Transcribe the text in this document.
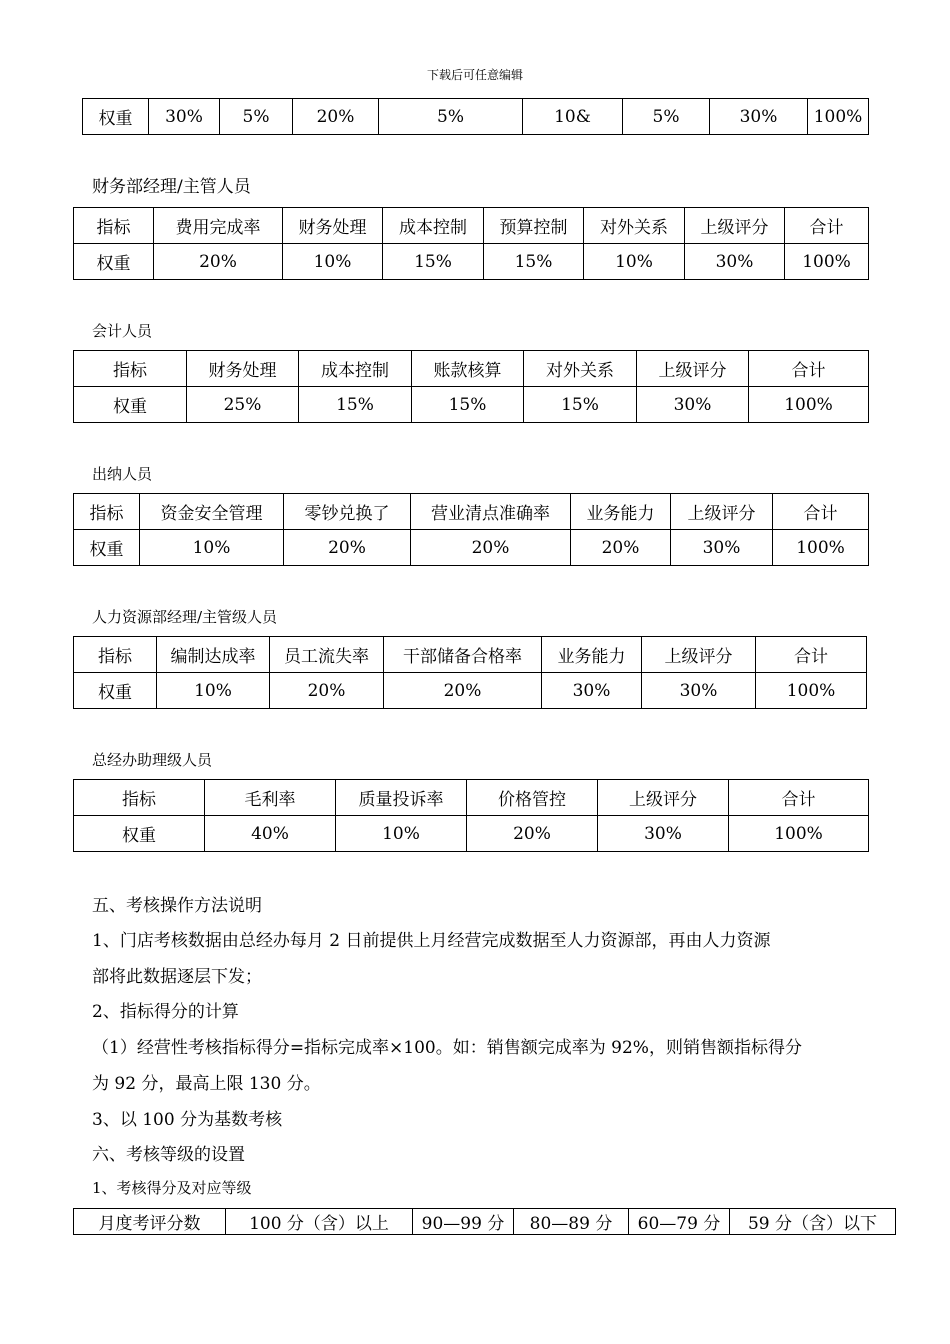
下载后可任意编辑
权重	30%	5%	20%	5%	10&	5%	30%	100%
财务部经理/主管人员
指标	费用完成率	财务处理	成本控制	预算控制	对外关系	上级评分	合计
权重	20%	10%	15%	15%	10%	30%	100%
会计人员
指标	财务处理	成本控制	账款核算	对外关系	上级评分	合计
权重	25%	15%	15%	15%	30%	100%
出纳人员
指标	资金安全管理	零钞兑换了	营业清点准确率	业务能力	上级评分	合计
权重	10%	20%	20%	20%	30%	100%
人力资源部经理/主管级人员
指标	编制达成率	员工流失率	干部储备合格率	业务能力	上级评分	合计
权重	10%	20%	20%	30%	30%	100%
总经办助理级人员
指标	毛利率	质量投诉率	价格管控	上级评分	合计
权重	40%	10%	20%	30%	100%
五、考核操作方法说明
1、门店考核数据由总经办每月 2 日前提供上月经营完成数据至人力资源部，再由人力资源
部将此数据逐层下发；
2、指标得分的计算
（1）经营性考核指标得分=指标完成率×100。如：销售额完成率为 92%，则销售额指标得分
为 92 分，最高上限 130 分。
3、以 100 分为基数考核
六、考核等级的设置
1、考核得分及对应等级
月度考评分数	100 分（含）以上	90—99 分	80—89 分	60—79 分	59 分（含）以下
